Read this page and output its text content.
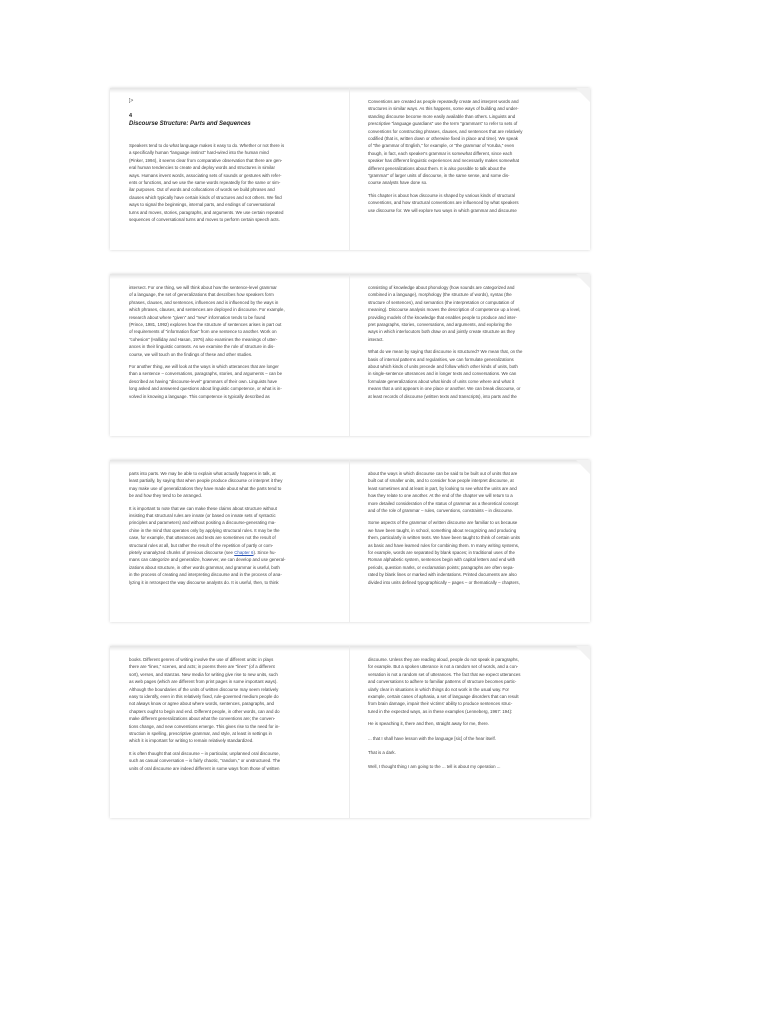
]>
4
Discourse Structure: Parts and Sequences

Speakers tend to do what language makes it easy to do. Whether or not there is
a specifically human "language instinct" hard-wired into the human mind
(Pinker, 1994), it seems clear from comparative observation that there are gen-
eral human tendencies to create and deploy words and structures in similar
ways. Humans invent words, associating sets of sounds or gestures with refer-
ents or functions, and we use the same words repeatedly for the same or sim-
ilar purposes. Out of words and collocations of words we build phrases and
clauses which typically have certain kinds of structures and not others. We find
ways to signal the beginnings, internal parts, and endings of conversational
turns and moves, stories, paragraphs, and arguments. We use certain repeated
sequences of conversational turns and moves to perform certain speech acts.

Conventions are created as people repeatedly create and interpret words and
structures in similar ways. As this happens, some ways of building and under-
standing discourse become more easily available than others. Linguists and
prescriptive "language guardians" use the term "grammars" to refer to sets of
conventions for constructing phrases, clauses, and sentences that are relatively
codified (that is, written down or otherwise fixed in place and time). We speak
of "the grammar of English," for example, or "the grammar of Yoruba," even
though, in fact, each speaker's grammar is somewhat different, since each
speaker has different linguistic experiences and necessarily makes somewhat
different generalizations about them. It is also possible to talk about the
"grammar" of larger units of discourse, in the same sense, and some dis-
course analysts have done so.

This chapter is about how discourse is shaped by various kinds of structural
conventions, and how structural conventions are influenced by what speakers
use discourse for. We will explore two ways in which grammar and discourse

intersect. For one thing, we will think about how the sentence-level grammar
of a language, the set of generalizations that describes how speakers form
phrases, clauses, and sentences, influences and is influenced by the ways in
which phrases, clauses, and sentences are deployed in discourse. For example,
research about where "given" and "new" information tends to be found
(Prince, 1981, 1992) explores how the structure of sentences arises in part out
of requirements of "information flow" from one sentence to another. Work on
"cohesion" (Halliday and Hasan, 1976) also examines the meanings of utter-
ances in their linguistic contexts. As we examine the role of structure in dis-
course, we will touch on the findings of these and other studies.

For another thing, we will look at the ways in which utterances that are longer
than a sentence – conversations, paragraphs, stories, and arguments – can be
described as having "discourse-level" grammars of their own. Linguists have
long asked and answered questions about linguistic competence, or what is in-
volved in knowing a language. This competence is typically described as

consisting of knowledge about phonology (how sounds are categorized and
combined in a language), morphology (the structure of words), syntax (the
structure of sentences), and semantics (the interpretation or computation of
meaning). Discourse analysis moves the description of competence up a level,
providing models of the knowledge that enables people to produce and inter-
pret paragraphs, stories, conversations, and arguments, and exploring the
ways in which interlocutors both draw on and jointly create structure as they
interact.

What do we mean by saying that discourse is structured? We mean that, on the
basis of internal patterns and regularities, we can formulate generalizations
about which kinds of units precede and follow which other kinds of units, both
in single-sentence utterances and in longer texts and conversations. We can
formulate generalizations about what kinds of units come where and what it
means that a unit appears in one place or another. We can break discourse, or
at least records of discourse (written texts and transcripts), into parts and the

parts into parts. We may be able to explain what actually happens in talk, at
least partially, by saying that when people produce discourse or interpret it they
may make use of generalizations they have made about what the parts tend to
be and how they tend to be arranged.

It is important to note that we can make these claims about structure without
insisting that structural rules are innate (or based on innate sets of syntactic
principles and parameters) and without positing a discourse-generating ma-
chine in the mind that operates only by applying structural rules. It may be the
case, for example, that utterances and texts are sometimes not the result of
structural rules at all, but rather the result of the repetition of partly or com-
pletely unanalyzed chunks of previous discourse (see Chapter 6). Since hu-
mans can categorize and generalize, however, we can develop and use general-
izations about structure, in other words grammar, and grammar is useful, both
in the process of creating and interpreting discourse and in the process of ana-
lyzing it in retrospect the way discourse analysts do. It is useful, then, to think

about the ways in which discourse can be said to be built out of units that are
built out of smaller units, and to consider how people interpret discourse, at
least sometimes and at least in part, by looking to see what the units are and
how they relate to one another. At the end of the chapter we will return to a
more detailed consideration of the status of grammar as a theoretical concept
and of the role of grammar – rules, conventions, constraints – in discourse.

Some aspects of the grammar of written discourse are familiar to us because
we have been taught, in school, something about recognizing and producing
them, particularly in written texts. We have been taught to think of certain units
as basic and have learned rules for combining them. In many writing systems,
for example, words are separated by blank spaces; in traditional uses of the
Roman alphabetic system, sentences begin with capital letters and end with
periods, question marks, or exclamation points; paragraphs are often sepa-
rated by blank lines or marked with indentations. Printed documents are also
divided into units defined typographically – pages – or thematically – chapters,

books. Different genres of writing involve the use of different units: in plays
there are "lines," scenes, and acts; in poems there are "lines" (of a different
sort), verses, and stanzas. New media for writing give rise to new units, such
as web pages (which are different from print pages in some important ways).
Although the boundaries of the units of written discourse may seem relatively
easy to identify, even in this relatively fixed, rule-governed medium people do
not always know or agree about where words, sentences, paragraphs, and
chapters ought to begin and end. Different people, in other words, can and do
make different generalizations about what the conventions are; the conven-
tions change, and new conventions emerge. This gives rise to the need for in-
struction in spelling, prescriptive grammar, and style, at least in settings in
which it is important for writing to remain relatively standardized.

It is often thought that oral discourse – in particular, unplanned oral discourse,
such as casual conversation – is fairly chaotic, "random," or unstructured. The
units of oral discourse are indeed different in some ways from those of written

discourse. Unless they are reading aloud, people do not speak in paragraphs,
for example. But a spoken utterance is not a random set of words, and a con-
versation is not a random set of utterances. The fact that we expect utterances
and conversations to adhere to familiar patterns of structure becomes partic-
ularly clear in situations in which things do not work in the usual way. For
example, certain cases of aphasia, a set of language disorders that can result
from brain damage, impair their victims' ability to produce sentences struc-
tured in the expected ways, as in these examples (Lenneberg, 1967: 194):

He is speaching it, there and then, straight away for me, there.

... that I shall have lesson with the language [sic] of the hear itself.

That is a dark.

Well, I thought thing I am going to the ... tell is about my operation ...
